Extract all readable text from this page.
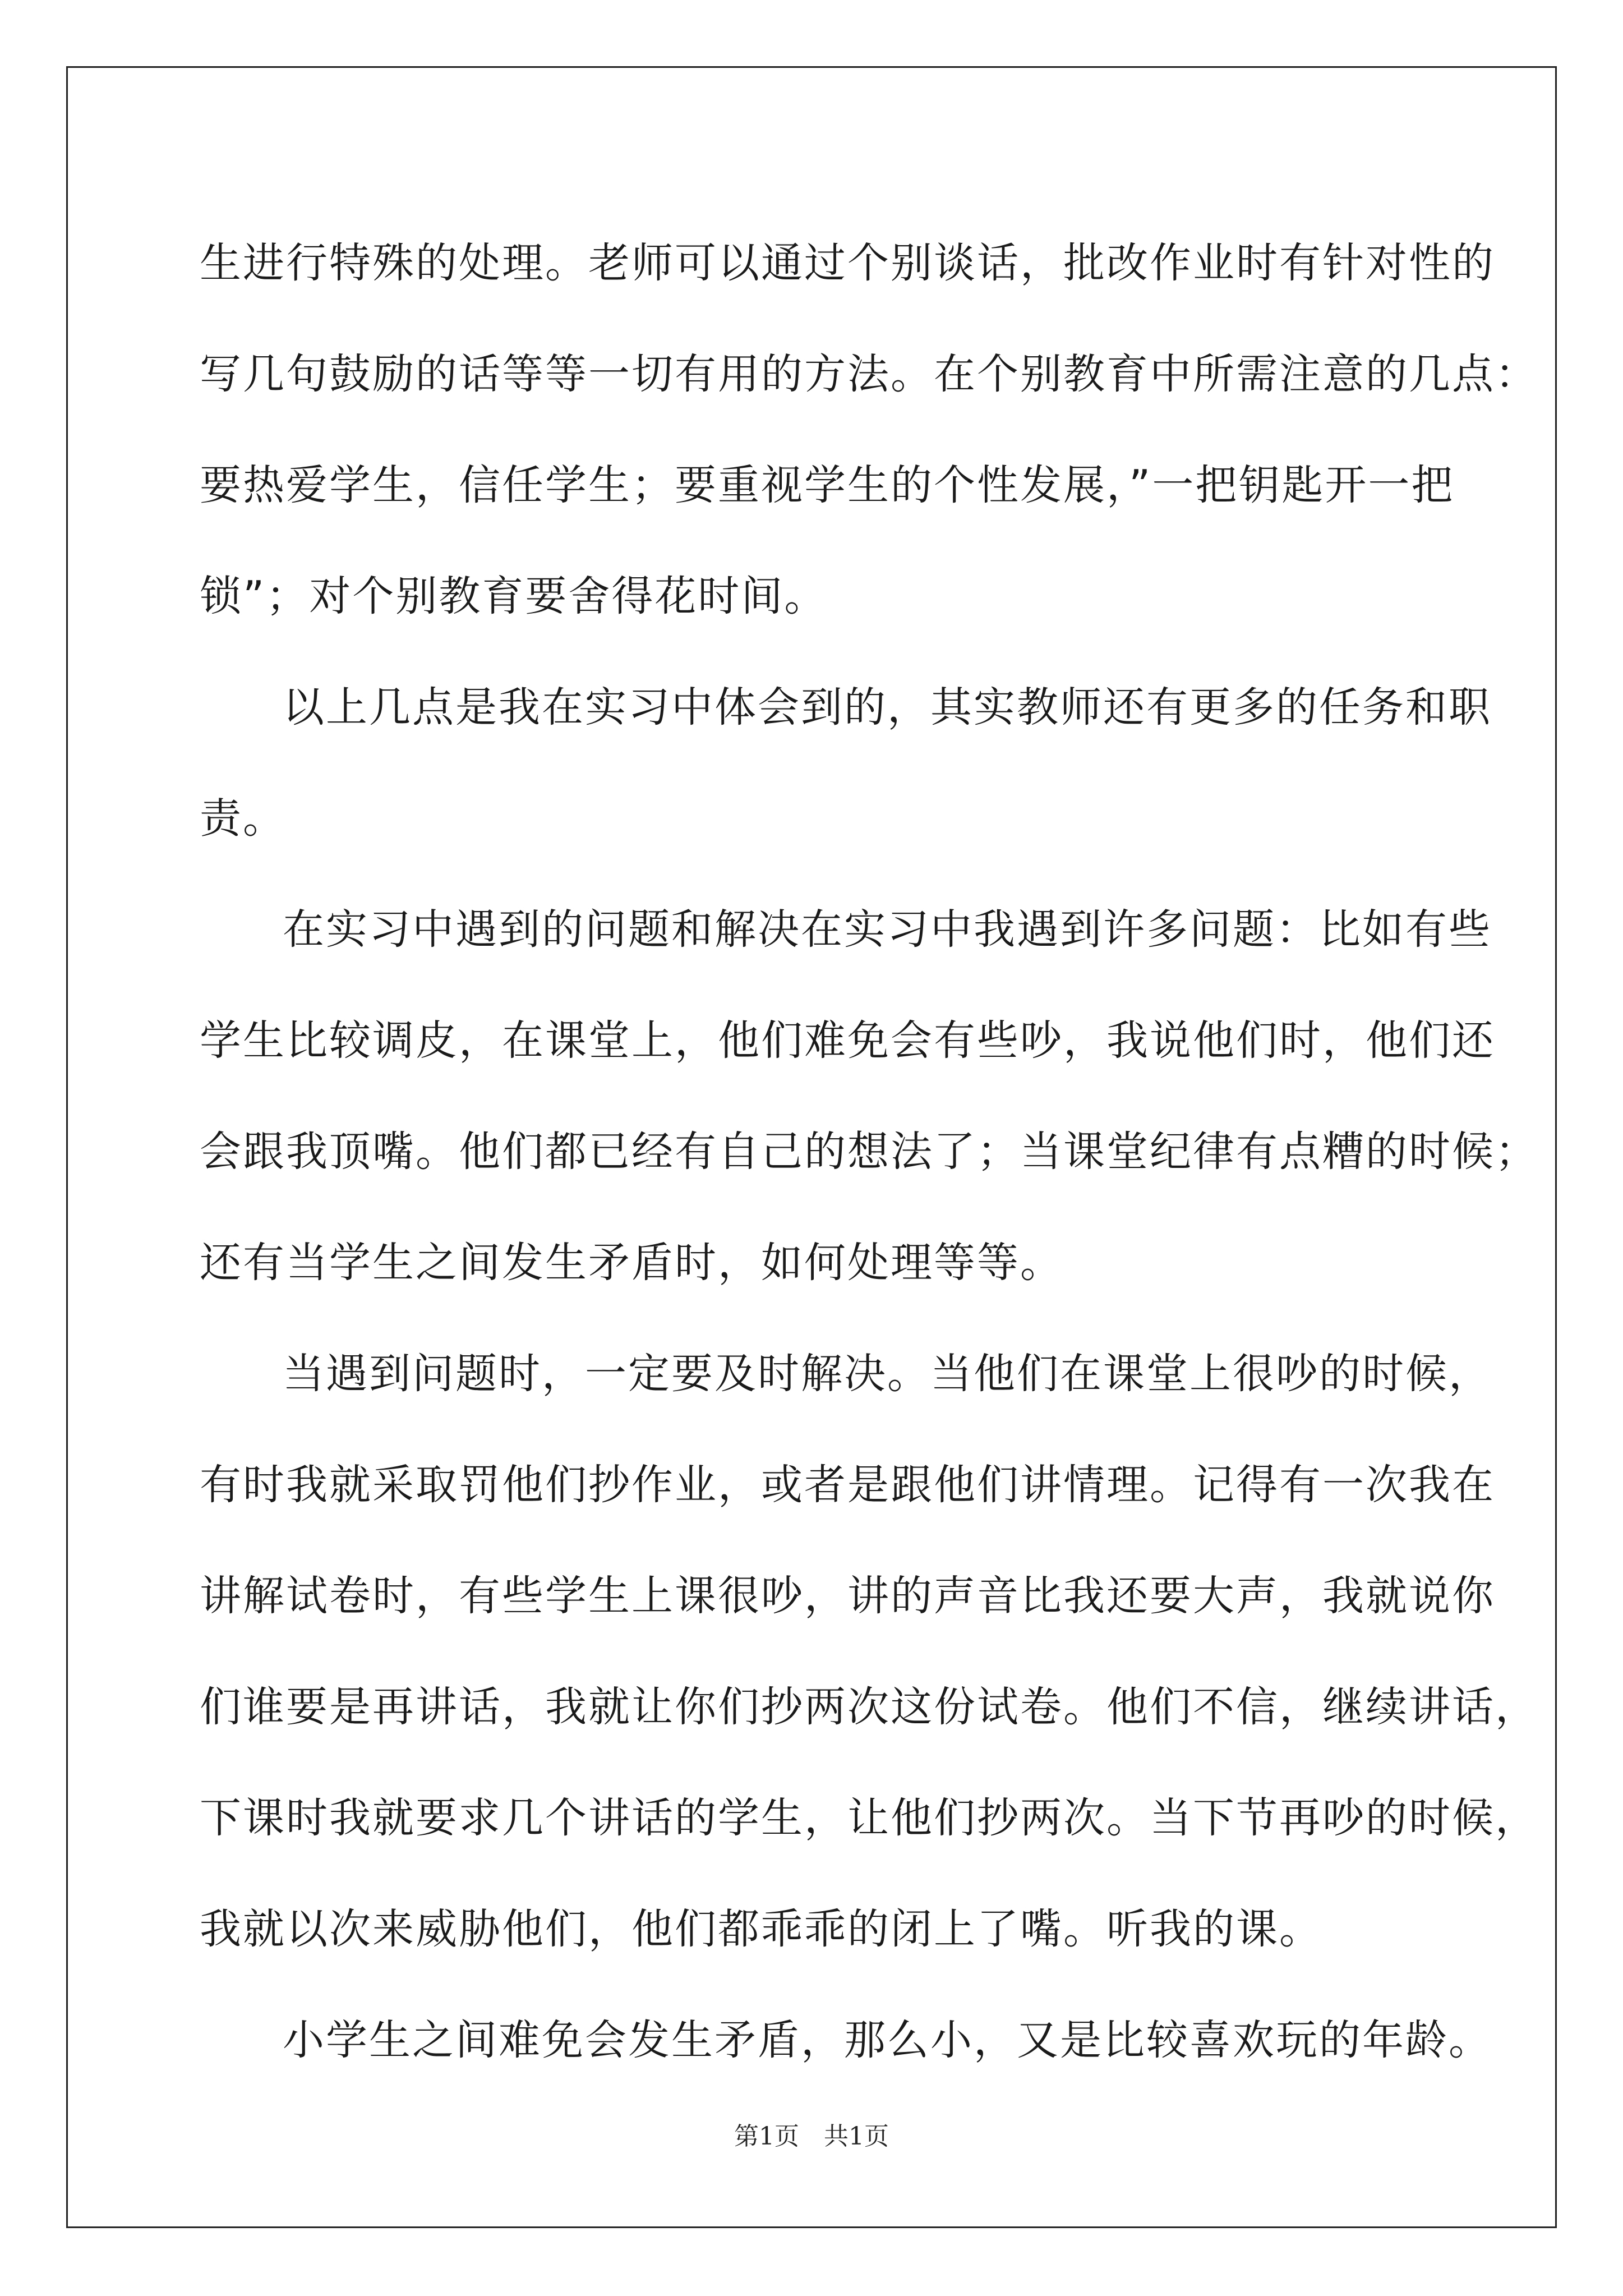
生进行特殊的处理。老师可以通过个别谈话，批改作业时有针对性的
写几句鼓励的话等等一切有用的方法。在个别教育中所需注意的几点：
要热爱学生，信任学生；要重视学生的个性发展，”一把钥匙开一把
锁”；对个别教育要舍得花时间。
以上几点是我在实习中体会到的，其实教师还有更多的任务和职
责。
在实习中遇到的问题和解决在实习中我遇到许多问题：比如有些
学生比较调皮，在课堂上，他们难免会有些吵，我说他们时，他们还
会跟我顶嘴。他们都已经有自己的想法了；当课堂纪律有点糟的时候；
还有当学生之间发生矛盾时，如何处理等等。
当遇到问题时，一定要及时解决。当他们在课堂上很吵的时候，
有时我就采取罚他们抄作业，或者是跟他们讲情理。记得有一次我在
讲解试卷时，有些学生上课很吵，讲的声音比我还要大声，我就说你
们谁要是再讲话，我就让你们抄两次这份试卷。他们不信，继续讲话，
下课时我就要求几个讲话的学生，让他们抄两次。当下节再吵的时候，
我就以次来威胁他们，他们都乖乖的闭上了嘴。听我的课。
小学生之间难免会发生矛盾，那么小，又是比较喜欢玩的年龄。
第1页　共1页
